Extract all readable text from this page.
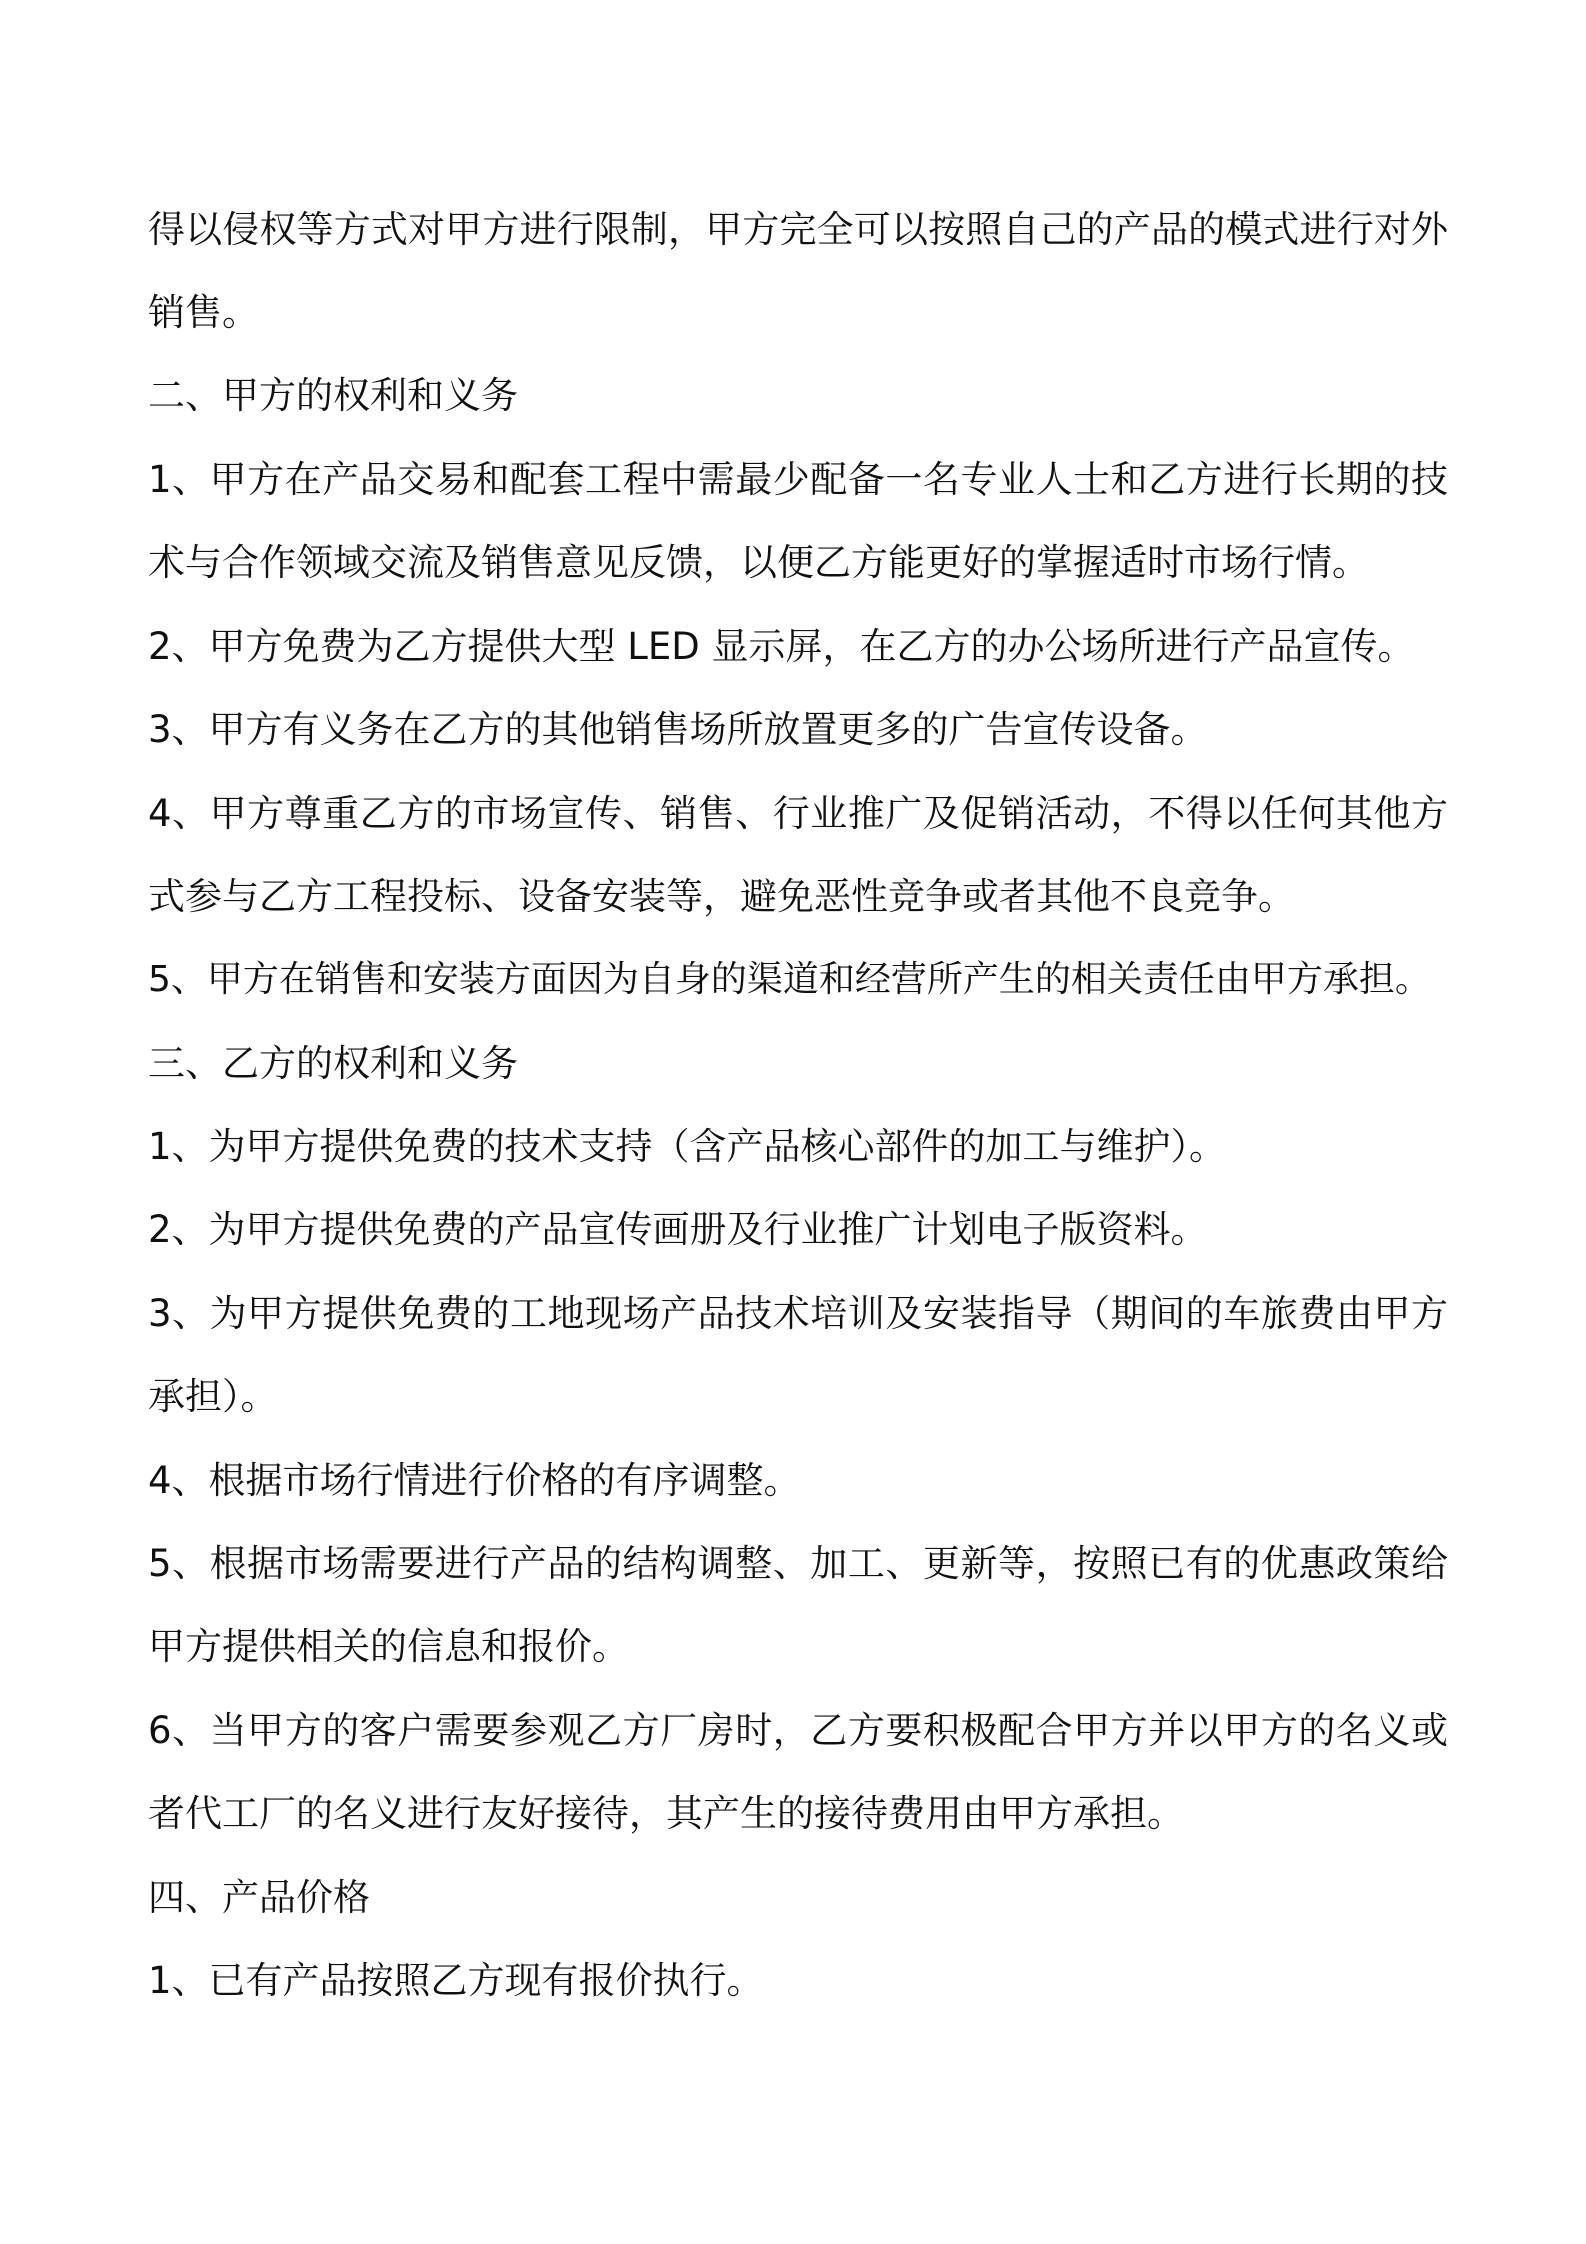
得以侵权等方式对甲方进行限制，甲方完全可以按照自己的产品的模式进行对外

销售。

二、甲方的权利和义务

1、甲方在产品交易和配套工程中需最少配备一名专业人士和乙方进行长期的技

术与合作领域交流及销售意见反馈，以便乙方能更好的掌握适时市场行情。

2、甲方免费为乙方提供大型 LED 显示屏，在乙方的办公场所进行产品宣传。

3、甲方有义务在乙方的其他销售场所放置更多的广告宣传设备。

4、甲方尊重乙方的市场宣传、销售、行业推广及促销活动，不得以任何其他方

式参与乙方工程投标、设备安装等，避免恶性竞争或者其他不良竞争。

5、甲方在销售和安装方面因为自身的渠道和经营所产生的相关责任由甲方承担。

三、乙方的权利和义务

1、为甲方提供免费的技术支持（含产品核心部件的加工与维护）。

2、为甲方提供免费的产品宣传画册及行业推广计划电子版资料。

3、为甲方提供免费的工地现场产品技术培训及安装指导（期间的车旅费由甲方

承担）。

4、根据市场行情进行价格的有序调整。

5、根据市场需要进行产品的结构调整、加工、更新等，按照已有的优惠政策给

甲方提供相关的信息和报价。

6、当甲方的客户需要参观乙方厂房时，乙方要积极配合甲方并以甲方的名义或

者代工厂的名义进行友好接待，其产生的接待费用由甲方承担。

四、产品价格

1、已有产品按照乙方现有报价执行。
